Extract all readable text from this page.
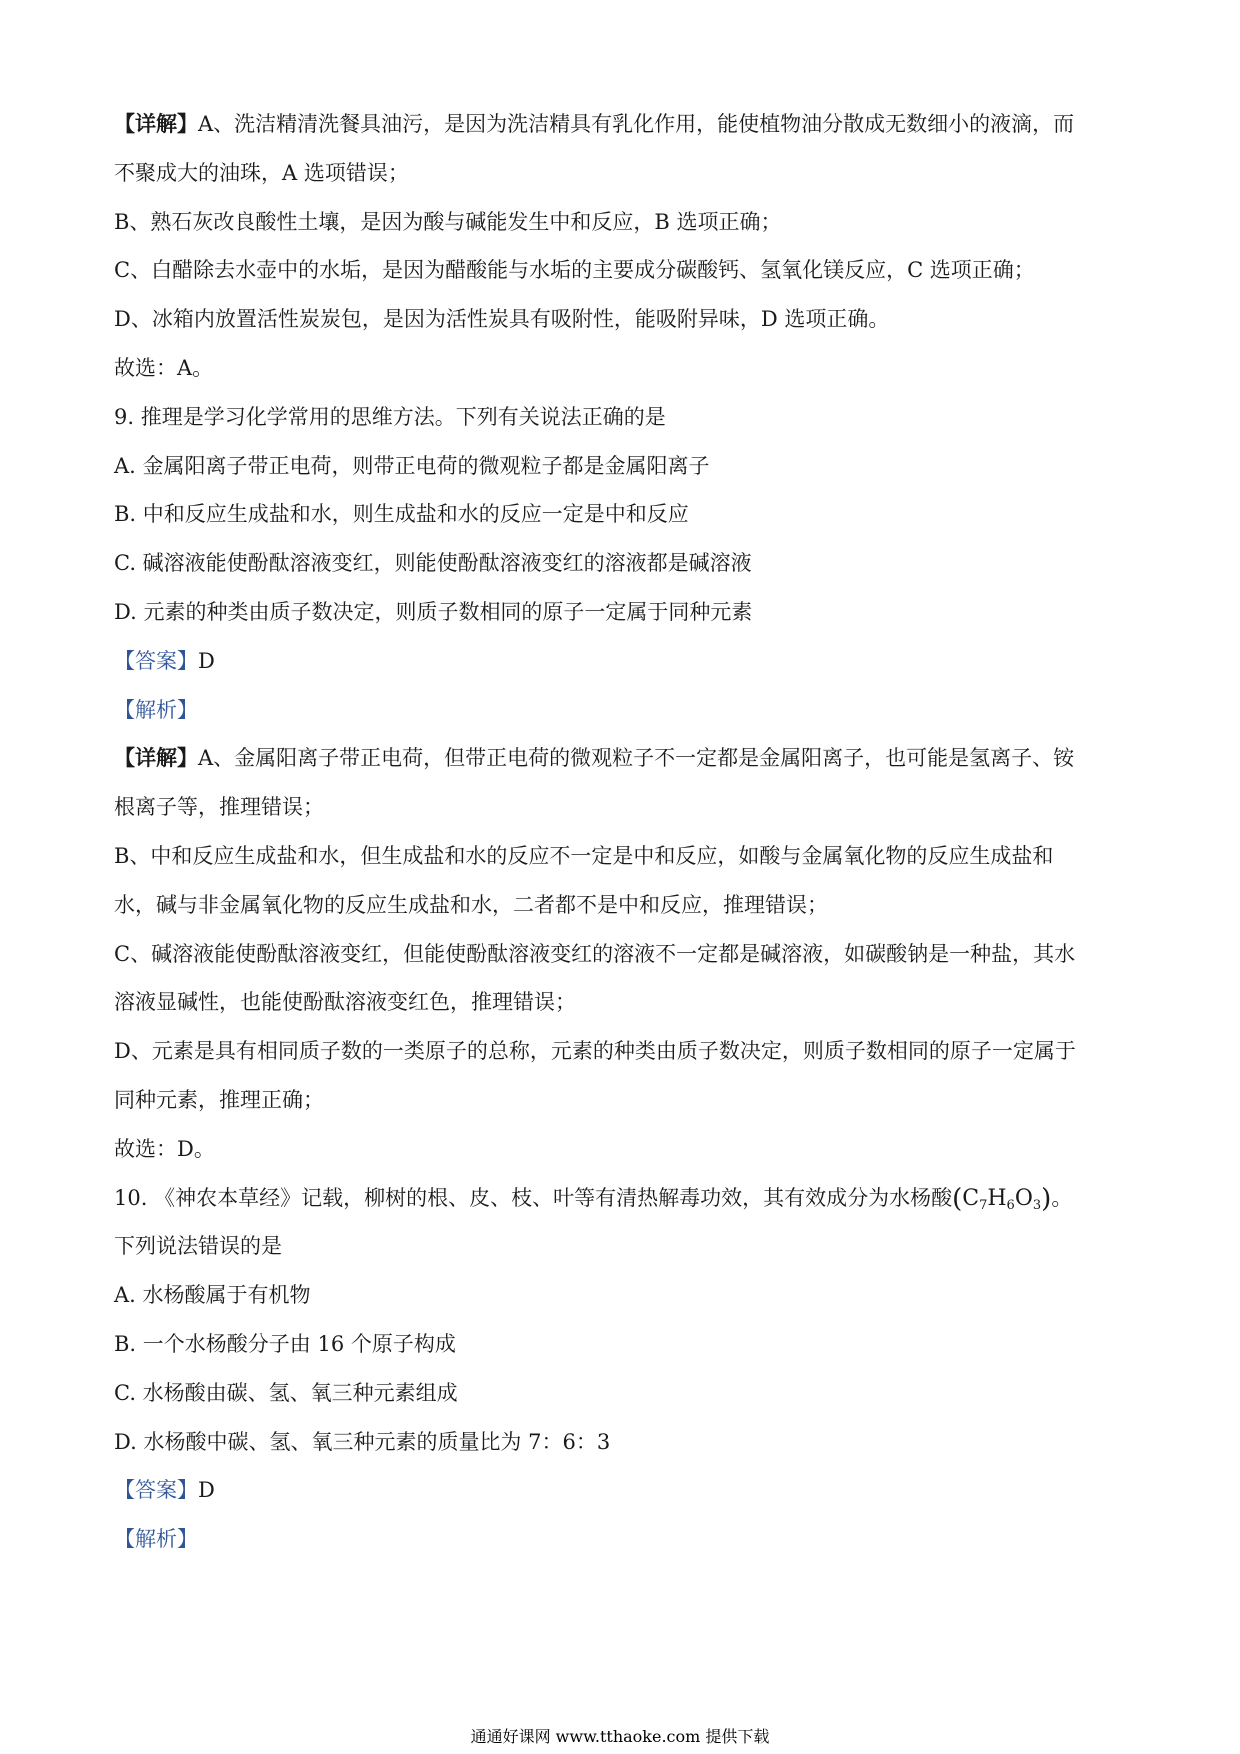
【详解】A、洗洁精清洗餐具油污，是因为洗洁精具有乳化作用，能使植物油分散成无数细小的液滴，而
不聚成大的油珠，A 选项错误；
B、熟石灰改良酸性土壤，是因为酸与碱能发生中和反应，B 选项正确；
C、白醋除去水壶中的水垢，是因为醋酸能与水垢的主要成分碳酸钙、氢氧化镁反应，C 选项正确；
D、冰箱内放置活性炭炭包，是因为活性炭具有吸附性，能吸附异味，D 选项正确。
故选：A。
9. 推理是学习化学常用的思维方法。下列有关说法正确的是
A. 金属阳离子带正电荷，则带正电荷的微观粒子都是金属阳离子
B. 中和反应生成盐和水，则生成盐和水的反应一定是中和反应
C. 碱溶液能使酚酞溶液变红，则能使酚酞溶液变红的溶液都是碱溶液
D. 元素的种类由质子数决定，则质子数相同的原子一定属于同种元素
【答案】D
【解析】
【详解】A、金属阳离子带正电荷，但带正电荷的微观粒子不一定都是金属阳离子，也可能是氢离子、铵
根离子等，推理错误；
B、中和反应生成盐和水，但生成盐和水的反应不一定是中和反应，如酸与金属氧化物的反应生成盐和
水，碱与非金属氧化物的反应生成盐和水，二者都不是中和反应，推理错误；
C、碱溶液能使酚酞溶液变红，但能使酚酞溶液变红的溶液不一定都是碱溶液，如碳酸钠是一种盐，其水
溶液显碱性，也能使酚酞溶液变红色，推理错误；
D、元素是具有相同质子数的一类原子的总称，元素的种类由质子数决定，则质子数相同的原子一定属于
同种元素，推理正确；
故选：D。
10. 《神农本草经》记载，柳树的根、皮、枝、叶等有清热解毒功效，其有效成分为水杨酸$(C_7H_6O_3)$。
下列说法错误的是
A. 水杨酸属于有机物
B. 一个水杨酸分子由 16 个原子构成
C. 水杨酸由碳、氢、氧三种元素组成
D. 水杨酸中碳、氢、氧三种元素的质量比为 7：6：3
【答案】D
【解析】
通通好课网 www.tthaoke.com 提供下载
